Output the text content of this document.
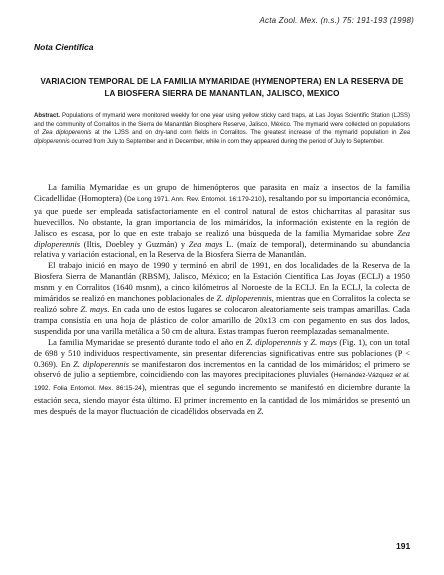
Acta Zool. Mex. (n.s.) 75: 191-193 (1998)
Nota Científica
VARIACION TEMPORAL DE LA FAMILIA MYMARIDAE (HYMENOPTERA) EN LA RESERVA DE LA BIOSFERA SIERRA DE MANANTLAN, JALISCO, MEXICO
Abstract. Populations of mymarid were monitored weekly for one year using yellow sticky card traps, at Las Joyas Scientific Station (LJSS) and the community of Corralitos in the Sierra de Manantlán Biosphere Reserve, Jalisco, México. The mymarid were collected on populations of Zea diploperennis at the LJSS and on dry-land corn fields in Corralitos. The greatest increase of the mymarid population in Zea diploperennis ocurred from July to September and in December, while in corn they appeared during the period of July to September.

La familia Mymaridae es un grupo de himenópteros que parasita en maíz a insectos de la familia Cicadellidae (Homoptera) (De Long 1971. Ann. Rev. Entomol. 16:179-210), resaltando por su importancia económica, ya que puede ser empleada satisfactoriamente en el control natural de estos chicharritas al parasitar sus huevecillos. No obstante, la gran importancia de los mimáridos, la información existente en la región de Jalisco es escasa, por lo que en este trabajo se realizó una búsqueda de la familia Mymaridae sobre Zea diploperennis (Iltis, Doebley y Guzmán) y Zea mays L. (maíz de temporal), determinando su abundancia relativa y variación estacional, en la Reserva de la Biosfera Sierra de Manantlán.

El trabajo inició en mayo de 1990 y terminó en abril de 1991, en dos localidades de la Reserva de la Biosfera Sierra de Manantlán (RBSM), Jalisco, México; en la Estación Científica Las Joyas (ECLJ) a 1950 msnm y en Corralitos (1640 msnm), a cinco kilómetros al Noroeste de la ECLJ. En la ECLJ, la colecta de mimáridos se realizó en manchones poblacionales de Z. diploperennis, mientras que en Corralitos la colecta se realizó sobre Z. mays. En cada uno de estos lugares se colocaron aleatoriamente seis trampas amarillas. Cada trampa consistía en una hoja de plástico de color amarillo de 20x13 cm con pegamento en sus dos lados, suspendida por una varilla metálica a 50 cm de altura. Estas trampas fueron reemplazadas semanalmente.

La familia Mymaridae se presentó durante todo el año en Z. diploperennis y Z. mays (Fig. 1), con un total de 698 y 510 individuos respectivamente, sin presentar diferencias significativas entre sus poblaciones (P < 0.369). En Z. diploperennis se manifestaron dos incrementos en la cantidad de los mimáridos; el primero se observó de julio a septiembre, coincidiendo con las mayores precipitaciones pluviales (Hernández-Vázquez et al. 1992. Folia Entomol. Mex. 86:15-24), mientras que el segundo incremento se manifestó en diciembre durante la estación seca, siendo mayor ésta último. El primer incremento en la cantidad de los mimáridos se presentó un mes después de la mayor fluctuación de cicadélidos observada en Z.

191
